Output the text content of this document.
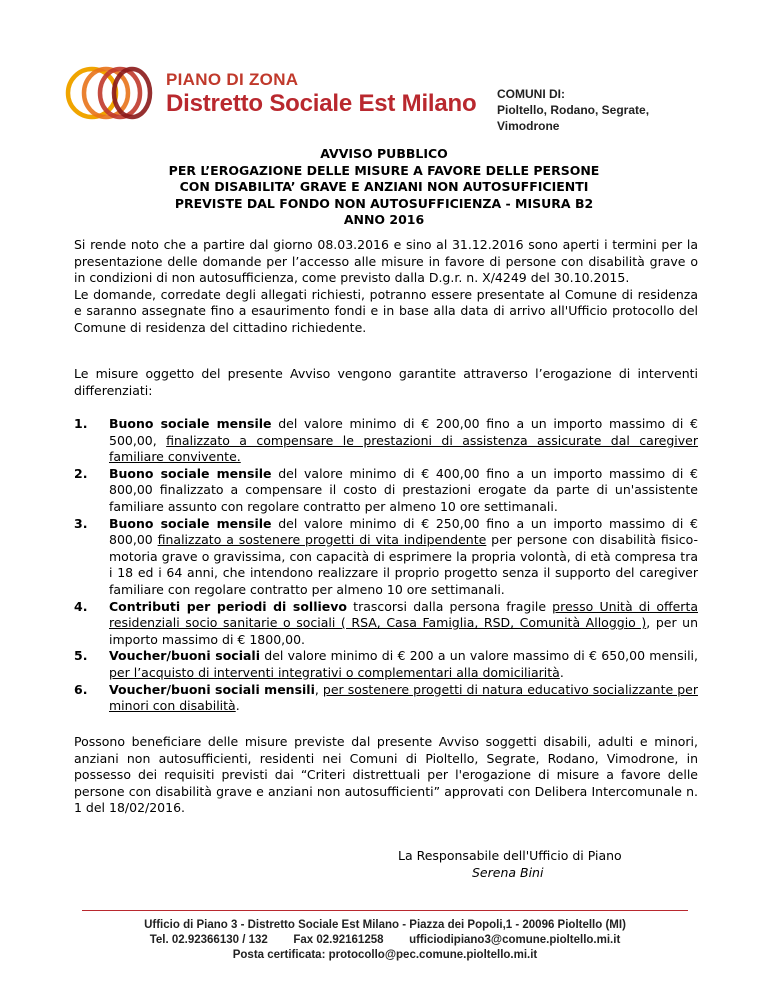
PIANO DI ZONA
Distretto Sociale Est Milano COMUNI DI:
Pioltello, Rodano, Segrate, Vimodrone
AVVISO PUBBLICO
PER L’EROGAZIONE DELLE MISURE A FAVORE DELLE PERSONE
CON DISABILITA’ GRAVE E ANZIANI NON AUTOSUFFICIENTI
PREVISTE DAL FONDO NON AUTOSUFFICIENZA - MISURA B2
ANNO 2016
Si rende noto che a partire dal giorno 08.03.2016 e sino al 31.12.2016 sono aperti i termini per la presentazione delle domande per l’accesso alle misure in favore di persone con disabilità grave o in condizioni di non autosufficienza, come previsto dalla D.g.r. n. X/4249 del 30.10.2015.
Le domande, corredate degli allegati richiesti, potranno essere presentate al Comune di residenza e saranno assegnate fino a esaurimento fondi e in base alla data di arrivo all'Ufficio protocollo del Comune di residenza del cittadino richiedente.
Le misure oggetto del presente Avviso vengono garantite attraverso l’erogazione di interventi differenziati:
1. Buono sociale mensile del valore minimo di € 200,00 fino a un importo massimo di € 500,00, finalizzato a compensare le prestazioni di assistenza assicurate dal caregiver familiare convivente.
2. Buono sociale mensile del valore minimo di € 400,00 fino a un importo massimo di € 800,00 finalizzato a compensare il costo di prestazioni erogate da parte di un'assistente familiare assunto con regolare contratto per almeno 10 ore settimanali.
3. Buono sociale mensile del valore minimo di € 250,00 fino a un importo massimo di € 800,00 finalizzato a sostenere progetti di vita indipendente per persone con disabilità fisico-motoria grave o gravissima, con capacità di esprimere la propria volontà, di età compresa tra i 18 ed i 64 anni, che intendono realizzare il proprio progetto senza il supporto del caregiver familiare con regolare contratto per almeno 10 ore settimanali.
4. Contributi per periodi di sollievo trascorsi dalla persona fragile presso Unità di offerta residenziali socio sanitarie o sociali ( RSA, Casa Famiglia, RSD, Comunità Alloggio ), per un importo massimo di € 1800,00.
5. Voucher/buoni sociali del valore minimo di € 200 a un valore massimo di € 650,00 mensili, per l’acquisto di interventi integrativi o complementari alla domiciliarità.
6. Voucher/buoni sociali mensili, per sostenere progetti di natura educativo socializzante per minori con disabilità.
Possono beneficiare delle misure previste dal presente Avviso soggetti disabili, adulti e minori, anziani non autosufficienti, residenti nei Comuni di Pioltello, Segrate, Rodano, Vimodrone, in possesso dei requisiti previsti dai “Criteri distrettuali per l'erogazione di misure a favore delle persone con disabilità grave e anziani non autosufficienti” approvati con Delibera Intercomunale n. 1 del 18/02/2016.
La Responsabile dell'Ufficio di Piano
Serena Bini
Ufficio di Piano 3 - Distretto Sociale Est Milano - Piazza dei Popoli,1 - 20096 Pioltello (MI)
Tel. 02.92366130 / 132 Fax 02.92161258 ufficiodipiano3@comune.pioltello.mi.it
Posta certificata: protocollo@pec.comune.pioltello.mi.it
